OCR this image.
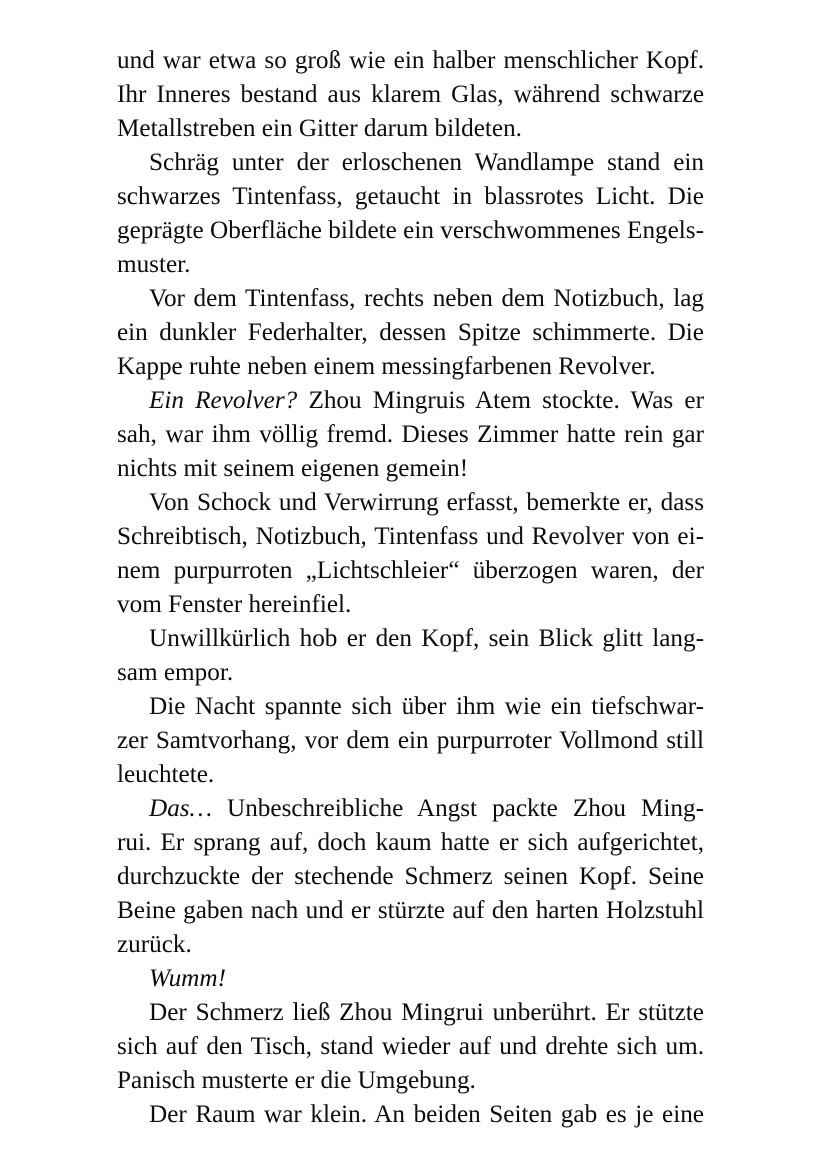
und war etwa so groß wie ein halber menschlicher Kopf.
Ihr Inneres bestand aus klarem Glas, während schwarze
Metallstreben ein Gitter darum bildeten.
Schräg unter der erloschenen Wandlampe stand ein
schwarzes Tintenfass, getaucht in blassrotes Licht. Die
geprägte Oberfläche bildete ein verschwommenes Engels-
muster.
Vor dem Tintenfass, rechts neben dem Notizbuch, lag
ein dunkler Federhalter, dessen Spitze schimmerte. Die
Kappe ruhte neben einem messingfarbenen Revolver.
Ein Revolver? Zhou Mingruis Atem stockte. Was er
sah, war ihm völlig fremd. Dieses Zimmer hatte rein gar
nichts mit seinem eigenen gemein!
Von Schock und Verwirrung erfasst, bemerkte er, dass
Schreibtisch, Notizbuch, Tintenfass und Revolver von ei-
nem purpurroten „Lichtschleier“ überzogen waren, der
vom Fenster hereinfiel.
Unwillkürlich hob er den Kopf, sein Blick glitt lang-
sam empor.
Die Nacht spannte sich über ihm wie ein tiefschwar-
zer Samtvorhang, vor dem ein purpurroter Vollmond still
leuchtete.
Das… Unbeschreibliche Angst packte Zhou Ming-
rui. Er sprang auf, doch kaum hatte er sich aufgerichtet,
durchzuckte der stechende Schmerz seinen Kopf. Seine
Beine gaben nach und er stürzte auf den harten Holzstuhl
zurück.
Wumm!
Der Schmerz ließ Zhou Mingrui unberührt. Er stützte
sich auf den Tisch, stand wieder auf und drehte sich um.
Panisch musterte er die Umgebung.
Der Raum war klein. An beiden Seiten gab es je eine
